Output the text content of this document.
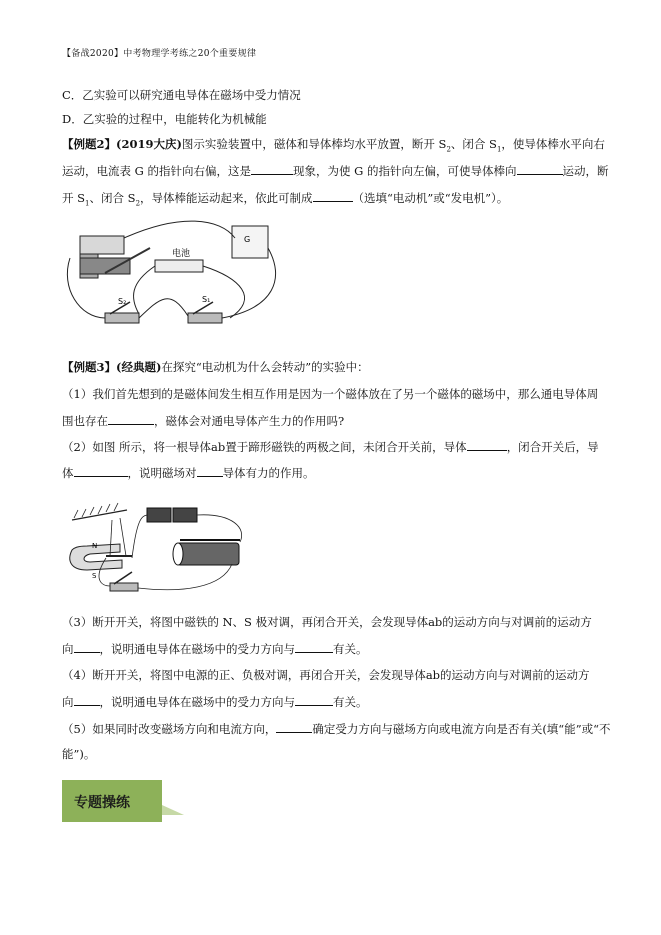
【备战2020】中考物理学考练之20个重要规律
C．乙实验可以研究通电导体在磁场中受力情况
D．乙实验的过程中，电能转化为机械能
【例题2】(2019大庆)图示实验装置中，磁体和导体棒均水平放置，断开 $S_2$、闭合 $S_1$，使导体棒水平向右
运动，电流表 G 的指针向右偏，这是	现象，为使 G 的指针向左偏，可使导体棒向	运动，断
开 $S_1$、闭合 $S_2$，导体棒能运动起来，依此可制成	（选填“电动机”或“发电机”）。
电池
G
S₂	S₁
【例题3】(经典题)在探究“电动机为什么会转动”的实验中：
（1）我们首先想到的是磁体间发生相互作用是因为一个磁体放在了另一个磁体的磁场中，那么通电导体周
围也存在	，磁体会对通电导体产生力的作用吗?
（2）如图 所示，将一根导体ab置于蹄形磁铁的两极之间，未闭合开关前，导体	，闭合开关后，导
体	，说明磁场对 导体有力的作用。
N
S
（3）断开开关，将图中磁铁的 N、S 极对调，再闭合开关，会发现导体ab的运动方向与对调前的运动方
向 ，说明通电导体在磁场中的受力方向与	有关。
（4）断开开关，将图中电源的正、负极对调，再闭合开关，会发现导体ab的运动方向与对调前的运动方
向 ，说明通电导体在磁场中的受力方向与	有关。
（5）如果同时改变磁场方向和电流方向，	确定受力方向与磁场方向或电流方向是否有关(填“能”或“不
能”)。
专题操练
